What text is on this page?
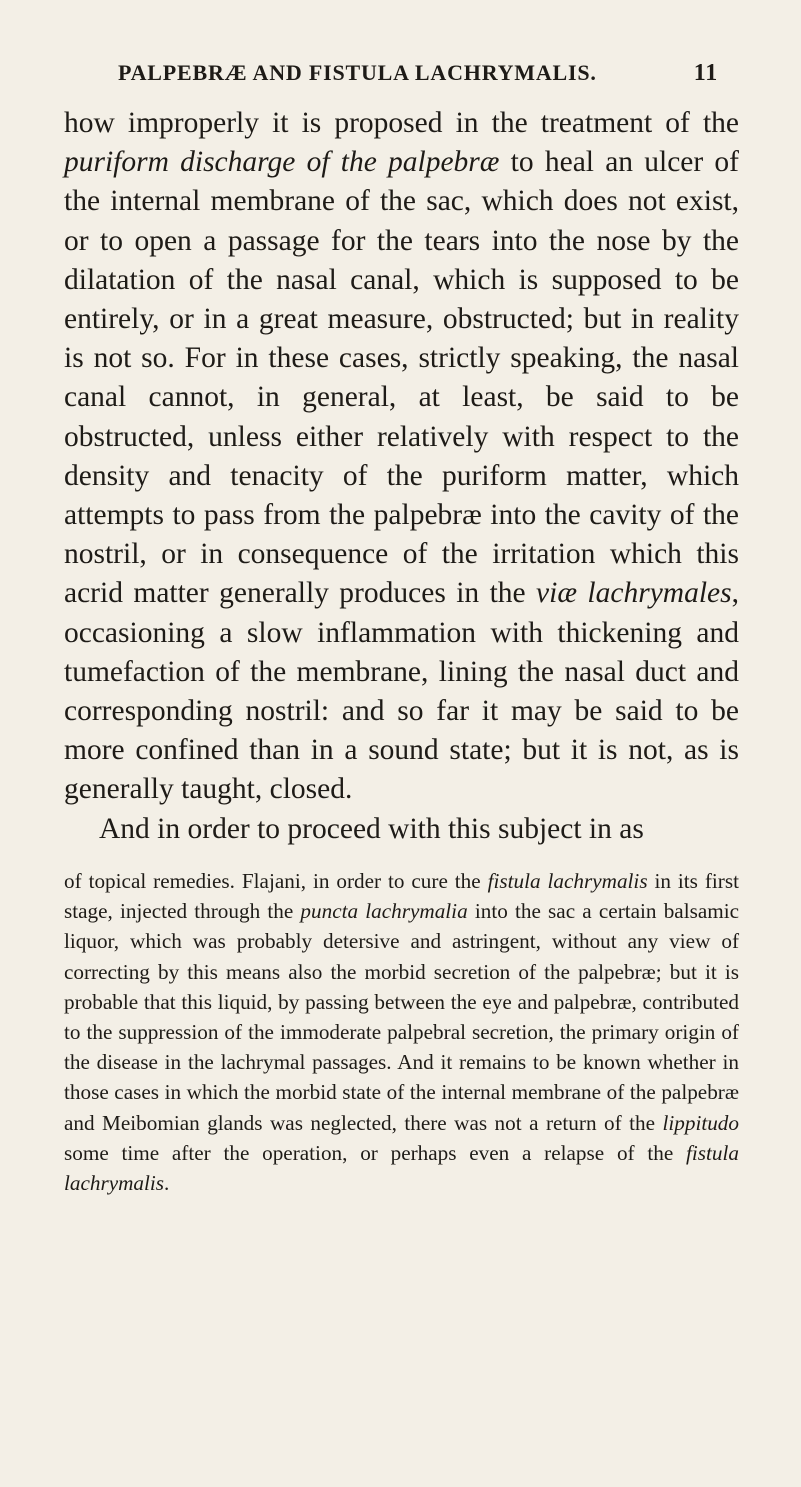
PALPEBRÆ AND FISTULA LACHRYMALIS.	11

how improperly it is proposed in the treatment of the puriform discharge of the palpebræ to heal an ulcer of the internal membrane of the sac, which does not exist, or to open a passage for the tears into the nose by the dilatation of the nasal canal, which is supposed to be entirely, or in a great measure, obstructed; but in reality is not so. For in these cases, strictly speaking, the nasal canal cannot, in general, at least, be said to be obstructed, unless either relatively with respect to the density and tenacity of the puriform matter, which attempts to pass from the palpebræ into the cavity of the nostril, or in consequence of the irritation which this acrid matter generally produces in the viæ lachrymales, occasioning a slow inflammation with thickening and tumefaction of the membrane, lining the nasal duct and corresponding nostril: and so far it may be said to be more confined than in a sound state; but it is not, as is generally taught, closed.

And in order to proceed with this subject in as

of topical remedies. Flajani, in order to cure the fistula lachrymalis in its first stage, injected through the puncta lachrymalia into the sac a certain balsamic liquor, which was probably detersive and astringent, without any view of correcting by this means also the morbid secretion of the palpebræ; but it is probable that this liquid, by passing between the eye and palpebræ, contributed to the suppression of the immoderate palpebral secretion, the primary origin of the disease in the lachrymal passages. And it remains to be known whether in those cases in which the morbid state of the internal membrane of the palpebræ and Meibomian glands was neglected, there was not a return of the lippitudo some time after the operation, or perhaps even a relapse of the fistula lachrymalis.
